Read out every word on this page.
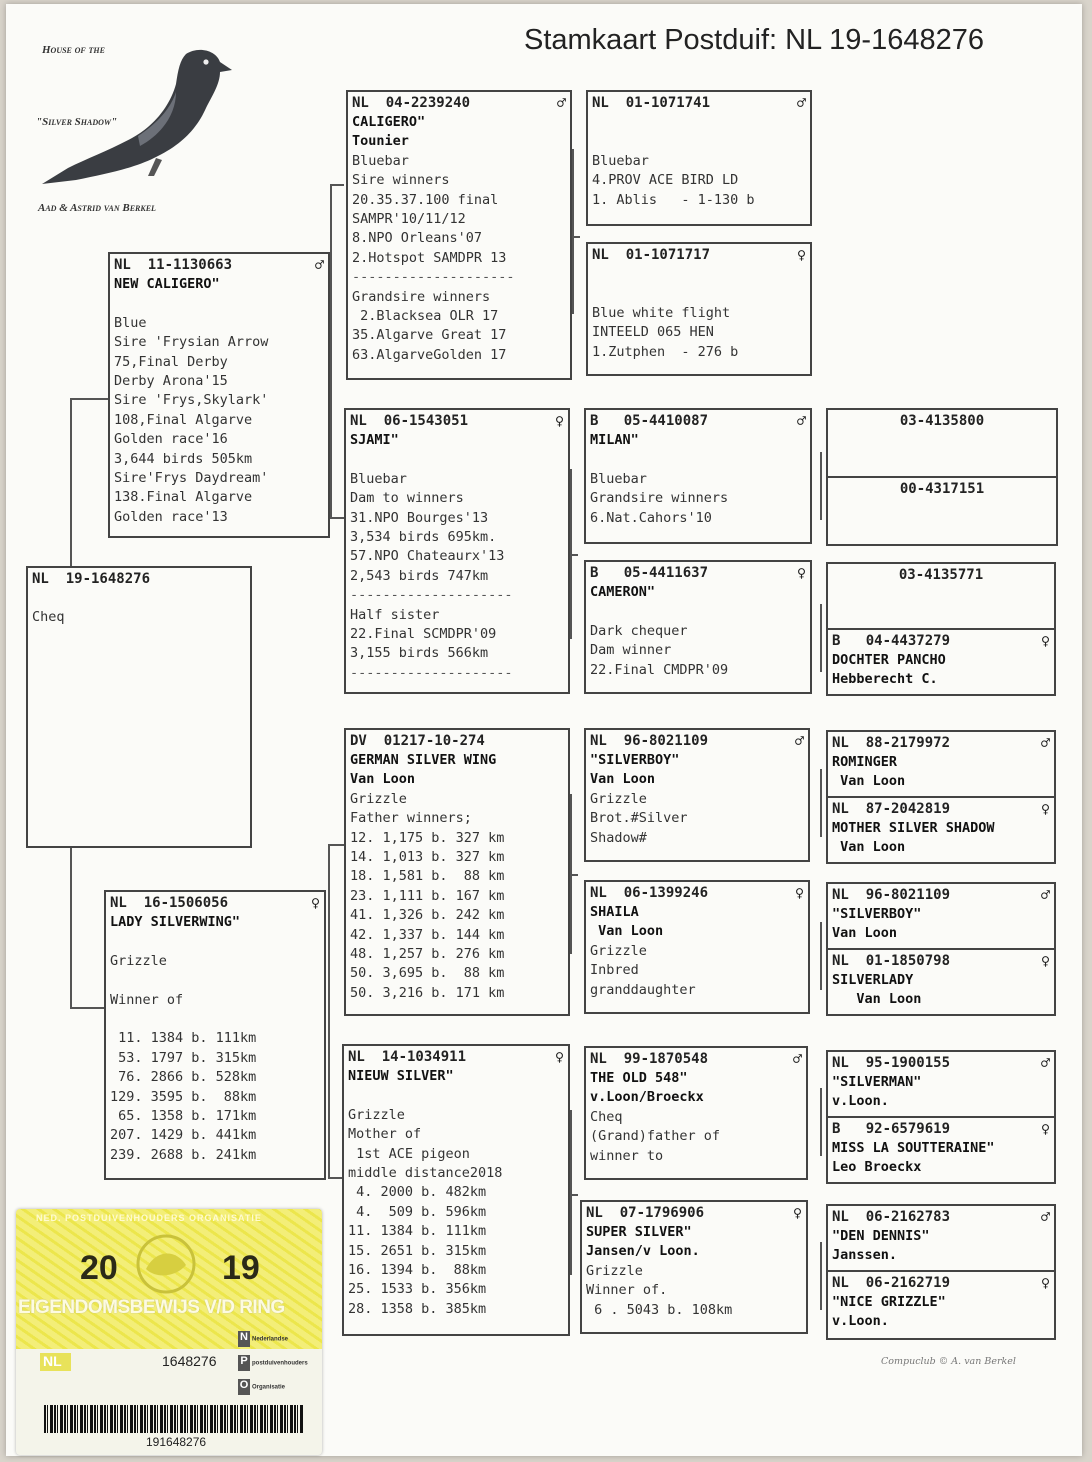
Stamkaart Postduif: NL 19-1648276
House of the
"Silver Shadow"
Aad & Astrid van Berkel
NL  19-1648276

Cheq
NL  11-1130663	♂
NEW CALIGERO"

Blue
Sire 'Frysian Arrow
75,Final Derby
Derby Arona'15
Sire 'Frys,Skylark'
108,Final Algarve
Golden race'16
3,644 birds 505km
Sire'Frys Daydream'
138.Final Algarve
Golden race'13
NL  16-1506056	♀
LADY SILVERWING"

Grizzle

Winner of

11. 1384 b. 111km
53. 1797 b. 315km
76. 2866 b. 528km
129. 3595 b.  88km
65. 1358 b. 171km
207. 1429 b. 441km
239. 2688 b. 241km
NL  04-2239240	♂
CALIGERO"
Tounier
Bluebar
Sire winners
20.35.37.100 final
SAMPR'10/11/12
8.NPO Orleans'07
2.Hotspot SAMDPR 13
--------------------
Grandsire winners
2.Blacksea OLR 17
35.Algarve Great 17
63.AlgarveGolden 17
NL  06-1543051	♀
SJAMI"

Bluebar
Dam to winners
31.NPO Bourges'13
3,534 birds 695km.
57.NPO Chateaurx'13
2,543 birds 747km
--------------------
Half sister
22.Final SCMDPR'09
3,155 birds 566km
--------------------
DV  01217-10-274
GERMAN SILVER WING
Van Loon
Grizzle
Father winners;
12. 1,175 b. 327 km
14. 1,013 b. 327 km
18. 1,581 b.  88 km
23. 1,111 b. 167 km
41. 1,326 b. 242 km
42. 1,337 b. 144 km
48. 1,257 b. 276 km
50. 3,695 b.  88 km
50. 3,216 b. 171 km
NL  14-1034911	♀
NIEUW SILVER"

Grizzle
Mother of
1st ACE pigeon
middle distance2018
4. 2000 b. 482km
4.  509 b. 596km
11. 1384 b. 111km
15. 2651 b. 315km
16. 1394 b.  88km
25. 1533 b. 356km
28. 1358 b. 385km
NL  01-1071741	♂

Bluebar
4.PROV ACE BIRD LD
1. Ablis   - 1-130 b
NL  01-1071717	♀

Blue white flight
INTEELD 065 HEN
1.Zutphen  - 276 b
B   05-4410087	♂
MILAN"

Bluebar
Grandsire winners
6.Nat.Cahors'10
B   05-4411637	♀
CAMERON"

Dark chequer
Dam winner
22.Final CMDPR'09
NL  96-8021109	♂
"SILVERBOY"
Van Loon
Grizzle
Brot.#Silver
Shadow#
NL  06-1399246	♀
SHAILA
Van Loon
Grizzle
Inbred
granddaughter
NL  99-1870548	♂
THE OLD 548"
v.Loon/Broeckx
Cheq
(Grand)father of
winner to
NL  07-1796906	♀
SUPER SILVER"
Jansen/v Loon.
Grizzle
Winner of.
6 . 5043 b. 108km
03-4135800
00-4317151
03-4135771
B   04-4437279	♀
DOCHTER PANCHO
Hebberecht C.
NL  88-2179972	♂
ROMINGER
Van Loon
NL  87-2042819	♀
MOTHER SILVER SHADOW
Van Loon
NL  96-8021109	♂
"SILVERBOY"
Van Loon
NL  01-1850798	♀
SILVERLADY
Van Loon
NL  95-1900155	♂
"SILVERMAN"
v.Loon.
B   92-6579619	♀
MISS LA SOUTTERAINE"
Leo Broeckx
NL  06-2162783	♂
"DEN DENNIS"
Janssen.
NL  06-2162719	♀
"NICE GRIZZLE"
v.Loon.
Compuclub © A. van Berkel
NED. POSTDUIVENHOUDERS ORGANISATIE
20	19
EIGENDOMSBEWIJS V/D RING
NL	1648276
N Nederlandse
P postduivenhouders
O Organisatie
191648276
